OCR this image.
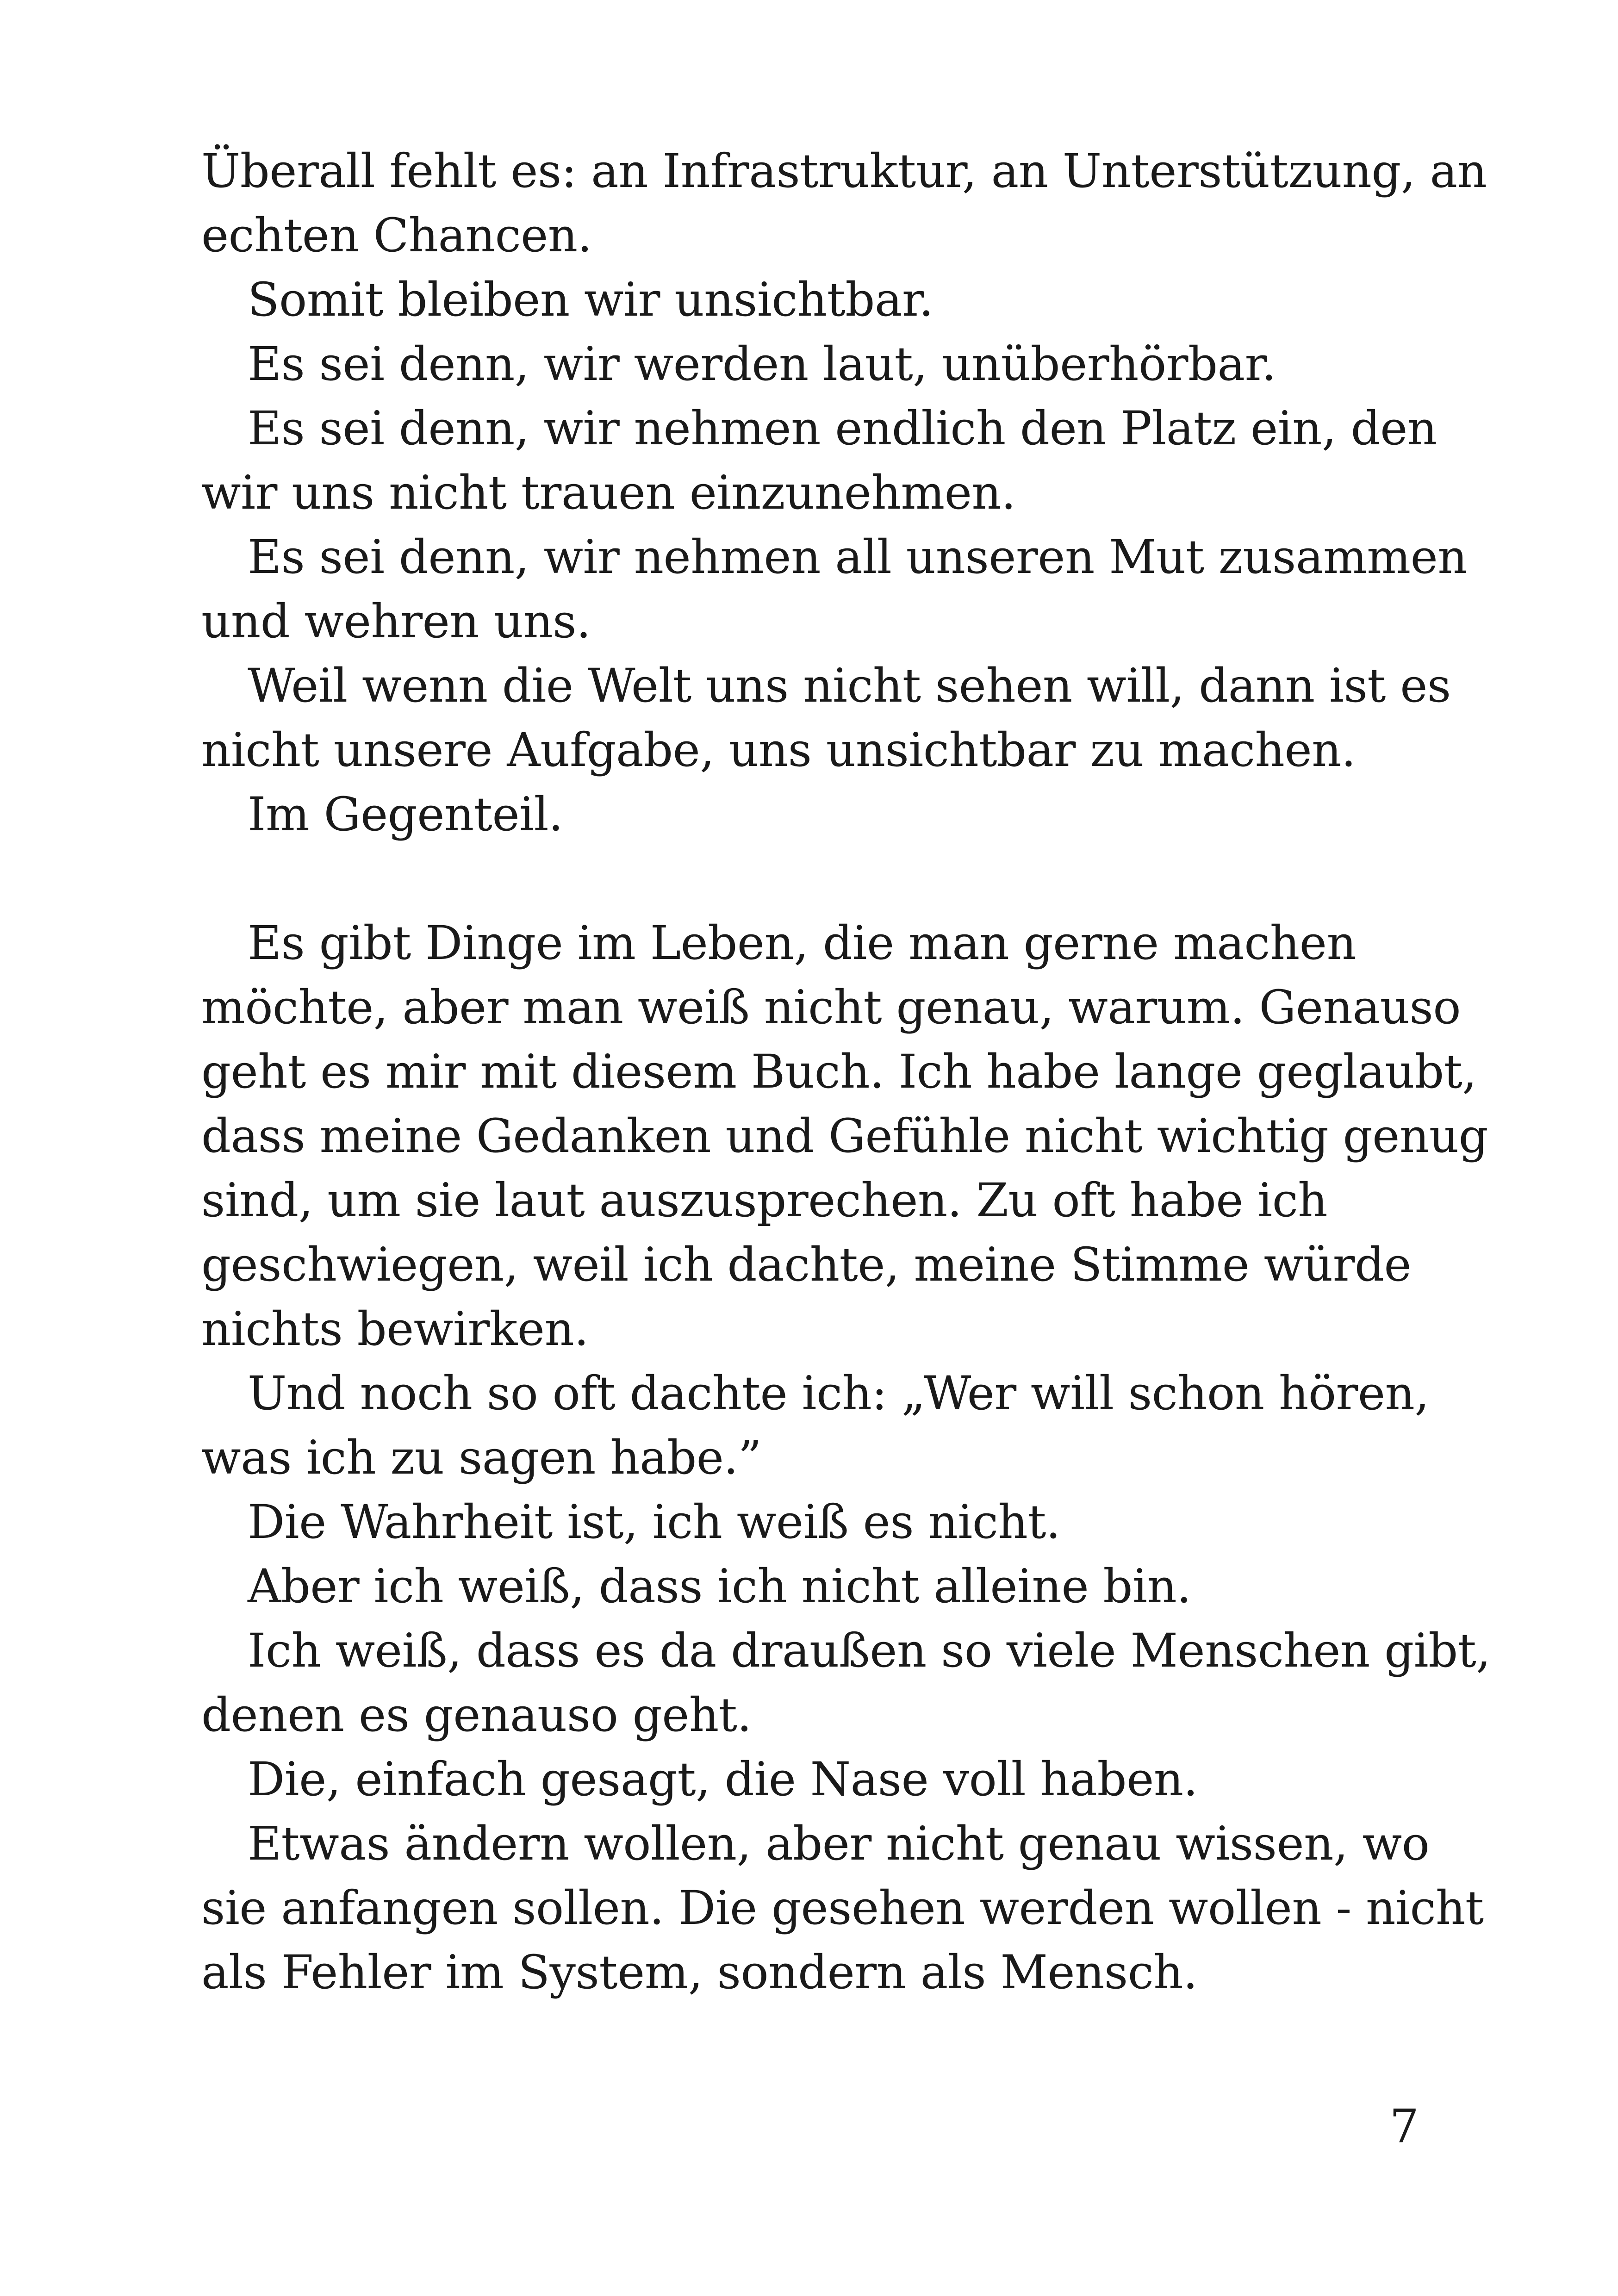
Überall fehlt es: an Infrastruktur, an Unterstützung, an
echten Chancen.
Somit bleiben wir unsichtbar.
Es sei denn, wir werden laut, unüberhörbar.
Es sei denn, wir nehmen endlich den Platz ein, den
wir uns nicht trauen einzunehmen.
Es sei denn, wir nehmen all unseren Mut zusammen
und wehren uns.
Weil wenn die Welt uns nicht sehen will, dann ist es
nicht unsere Aufgabe, uns unsichtbar zu machen.
Im Gegenteil.
Es gibt Dinge im Leben, die man gerne machen
möchte, aber man weiß nicht genau, warum. Genauso
geht es mir mit diesem Buch. Ich habe lange geglaubt,
dass meine Gedanken und Gefühle nicht wichtig genug
sind, um sie laut auszusprechen. Zu oft habe ich
geschwiegen, weil ich dachte, meine Stimme würde
nichts bewirken.
Und noch so oft dachte ich: „Wer will schon hören,
was ich zu sagen habe.”
Die Wahrheit ist, ich weiß es nicht.
Aber ich weiß, dass ich nicht alleine bin.
Ich weiß, dass es da draußen so viele Menschen gibt,
denen es genauso geht.
Die, einfach gesagt, die Nase voll haben.
Etwas ändern wollen, aber nicht genau wissen, wo
sie anfangen sollen. Die gesehen werden wollen - nicht
als Fehler im System, sondern als Mensch.
7
